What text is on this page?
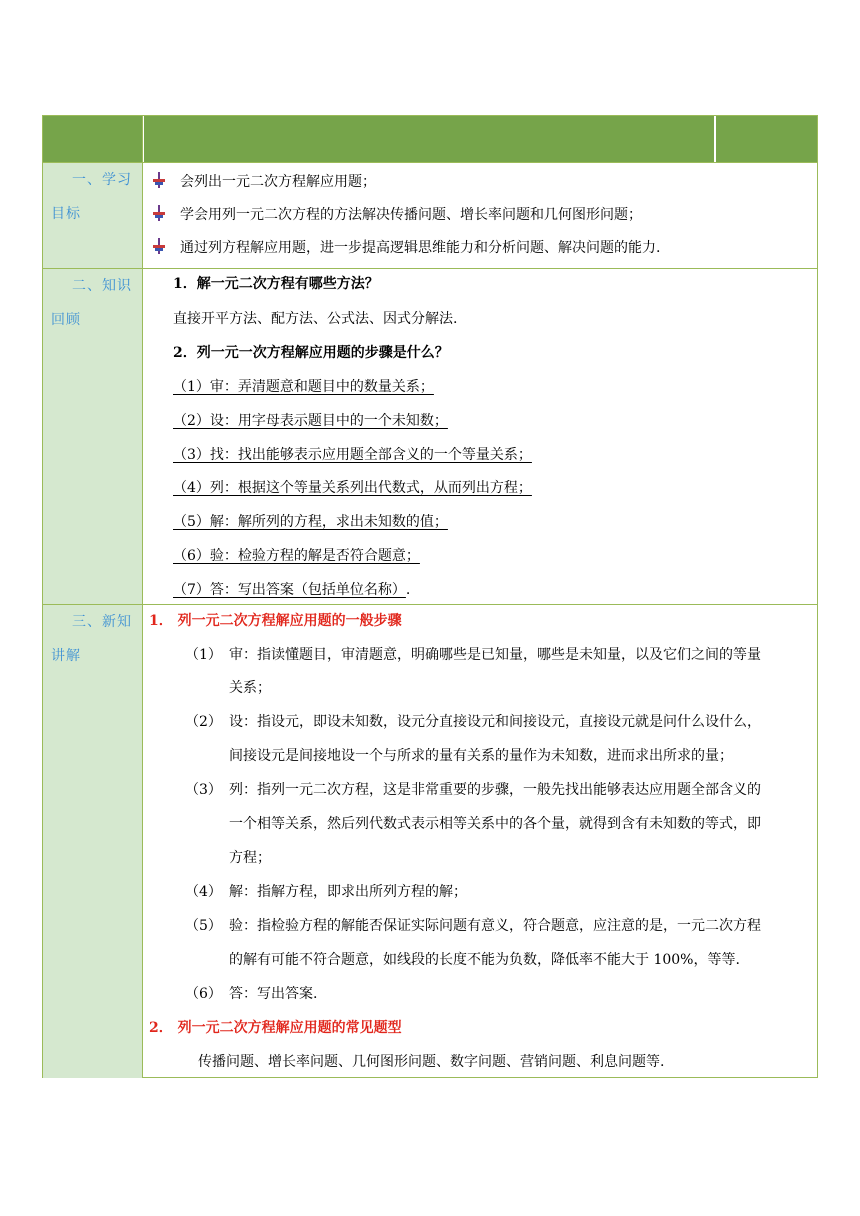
一、学习
目标
二、知识
回顾
三、新知
讲解
会列出一元二次方程解应用题；
学会用列一元二次方程的方法解决传播问题、增长率问题和几何图形问题；
通过列方程解应用题，进一步提高逻辑思维能力和分析问题、解决问题的能力.
1．解一元二次方程有哪些方法？
直接开平方法、配方法、公式法、因式分解法.
2．列一元一次方程解应用题的步骤是什么？
（1）审：弄清题意和题目中的数量关系；
（2）设：用字母表示题目中的一个未知数；
（3）找：找出能够表示应用题全部含义的一个等量关系；
（4）列：根据这个等量关系列出代数式，从而列出方程；
（5）解：解所列的方程，求出未知数的值；
（6）验：检验方程的解是否符合题意；
（7）答：写出答案（包括单位名称）.
1． 列一元二次方程解应用题的一般步骤
（1） 审：指读懂题目，审清题意，明确哪些是已知量，哪些是未知量，以及它们之间的等量
关系；
（2） 设：指设元，即设未知数，设元分直接设元和间接设元，直接设元就是问什么设什么，
间接设元是间接地设一个与所求的量有关系的量作为未知数，进而求出所求的量；
（3） 列：指列一元二次方程，这是非常重要的步骤，一般先找出能够表达应用题全部含义的
一个相等关系，然后列代数式表示相等关系中的各个量，就得到含有未知数的等式，即
方程；
（4） 解：指解方程，即求出所列方程的解；
（5） 验：指检验方程的解能否保证实际问题有意义，符合题意，应注意的是，一元二次方程
的解有可能不符合题意，如线段的长度不能为负数，降低率不能大于 100%，等等.
（6） 答：写出答案.
2． 列一元二次方程解应用题的常见题型
传播问题、增长率问题、几何图形问题、数字问题、营销问题、利息问题等.
